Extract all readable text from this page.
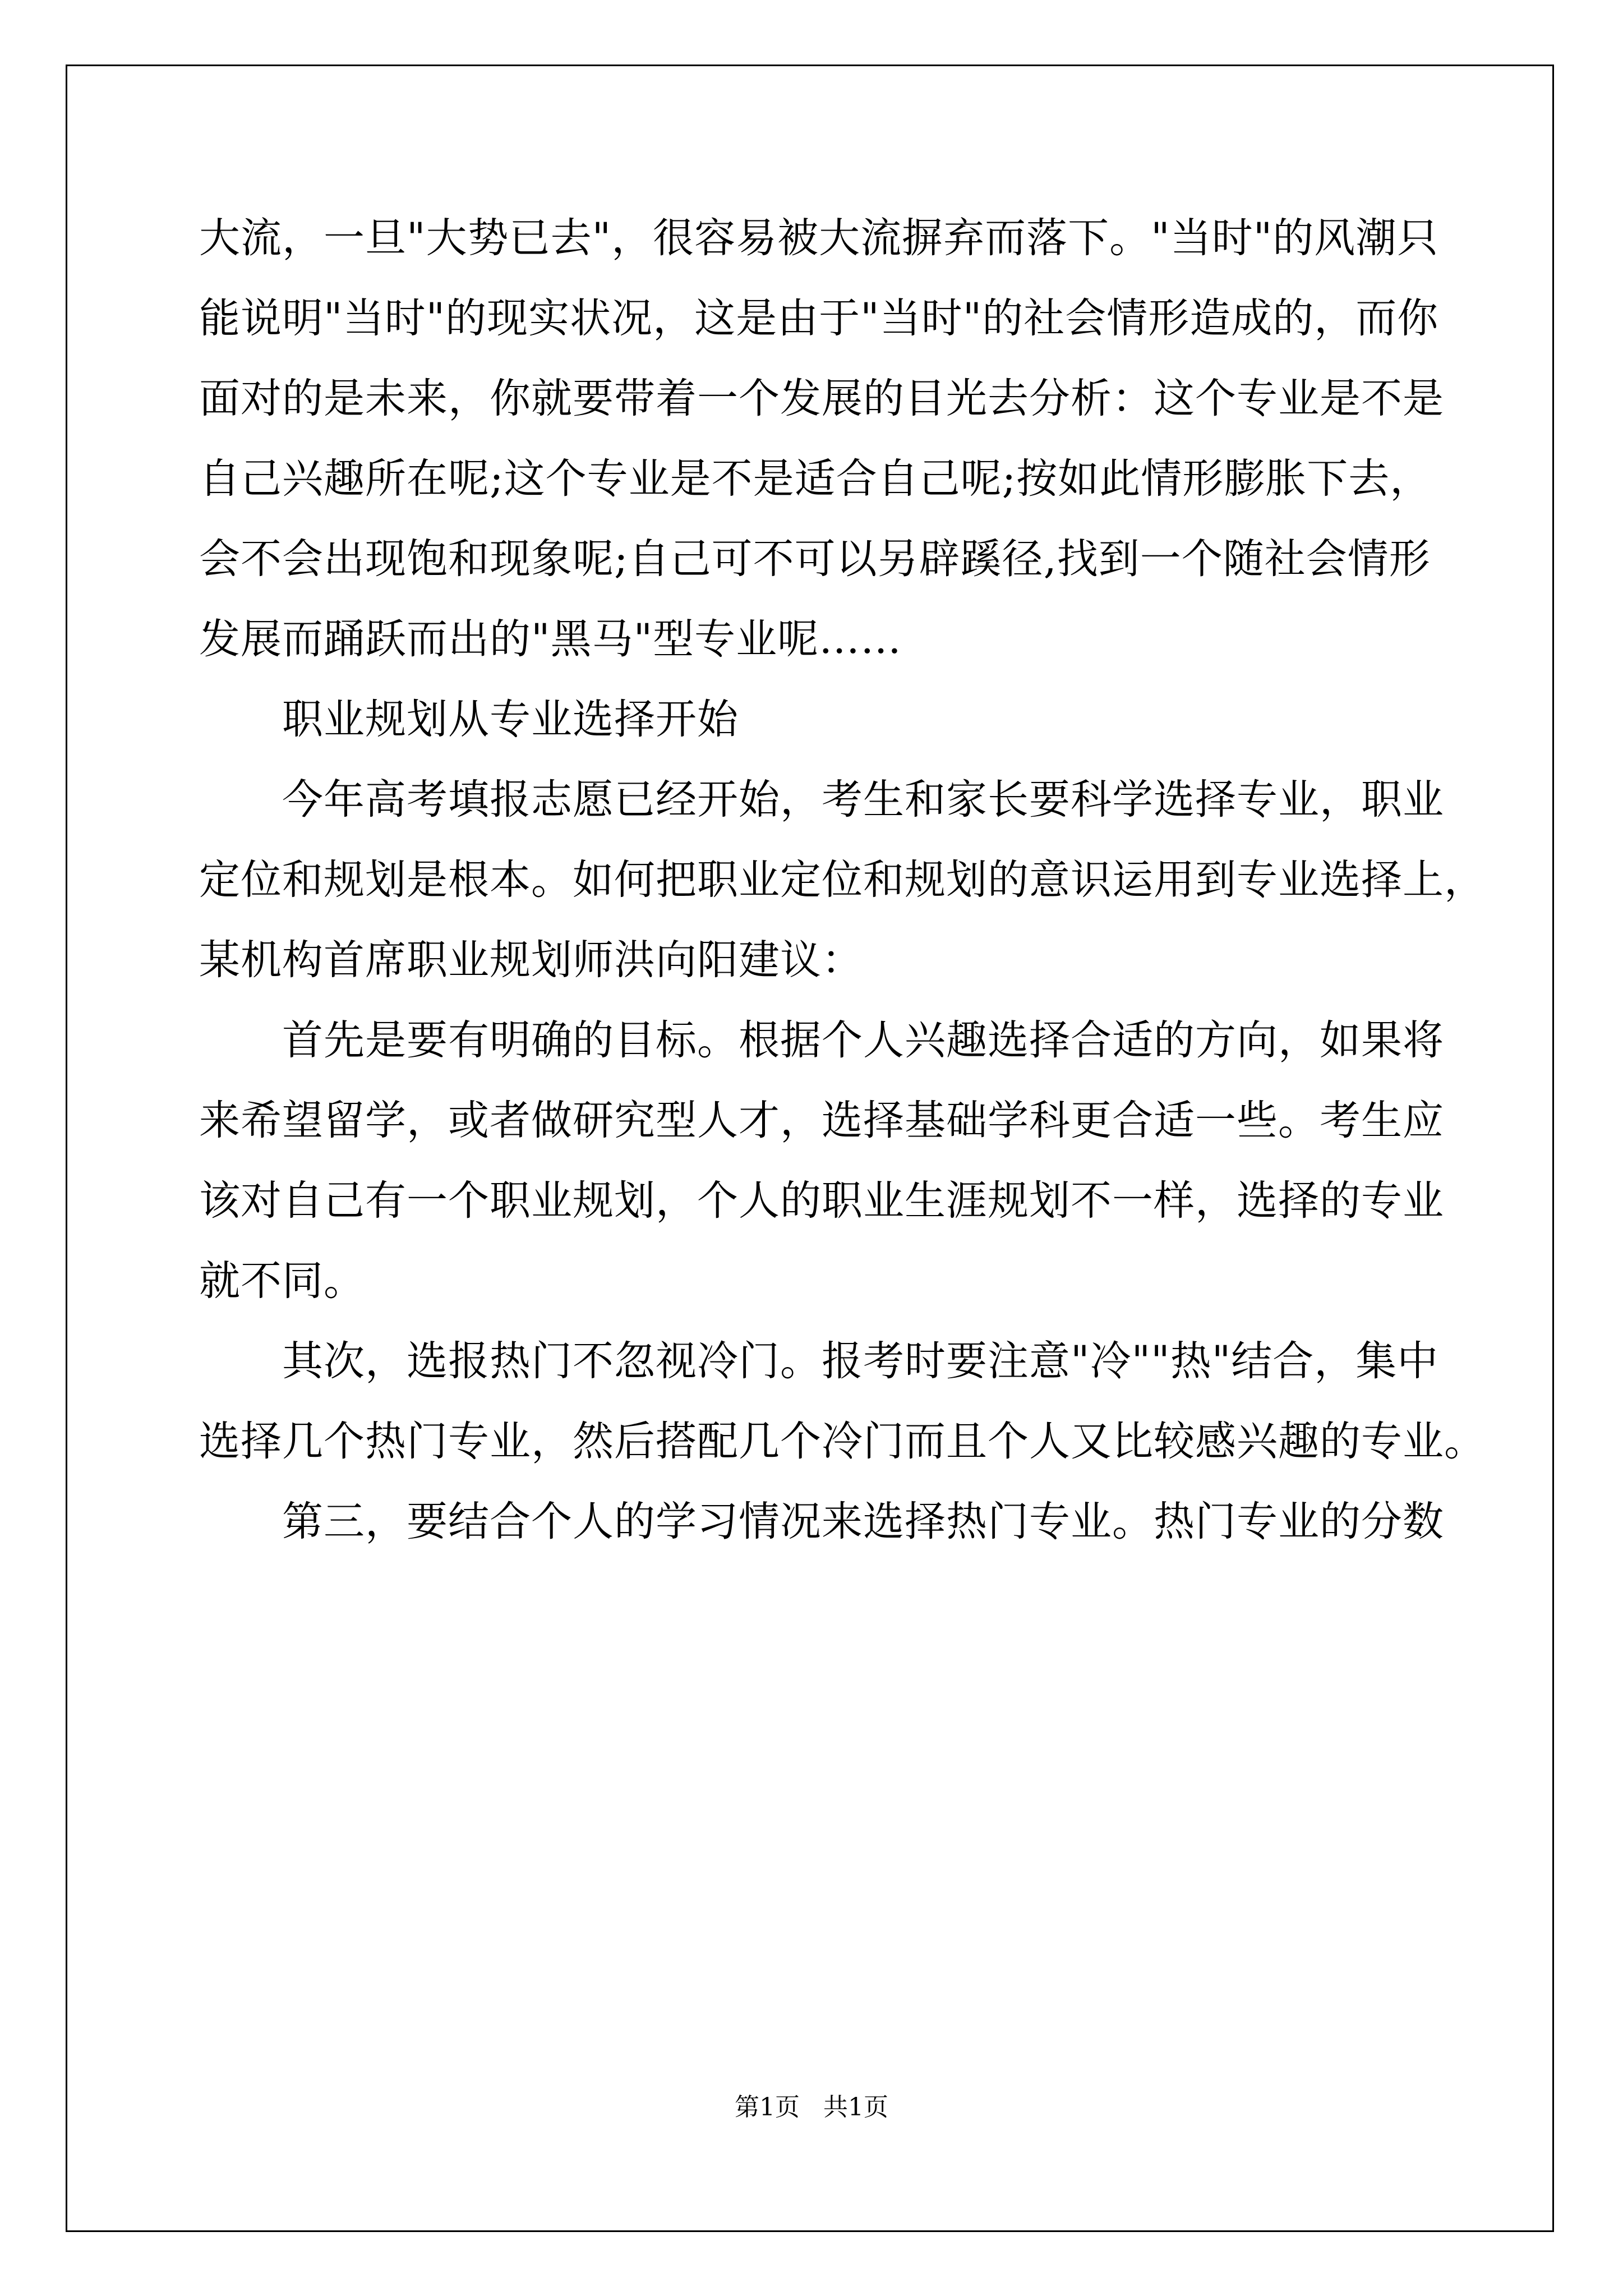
大流，一旦"大势已去"，很容易被大流摒弃而落下。"当时"的风潮只
能说明"当时"的现实状况，这是由于"当时"的社会情形造成的，而你
面对的是未来，你就要带着一个发展的目光去分析：这个专业是不是
自己兴趣所在呢;这个专业是不是适合自己呢;按如此情形膨胀下去，
会不会出现饱和现象呢;自己可不可以另辟蹊径,找到一个随社会情形
发展而踊跃而出的"黑马"型专业呢……
职业规划从专业选择开始
今年高考填报志愿已经开始，考生和家长要科学选择专业，职业
定位和规划是根本。如何把职业定位和规划的意识运用到专业选择上，
某机构首席职业规划师洪向阳建议：
首先是要有明确的目标。根据个人兴趣选择合适的方向，如果将
来希望留学，或者做研究型人才，选择基础学科更合适一些。考生应
该对自己有一个职业规划，个人的职业生涯规划不一样，选择的专业
就不同。
其次，选报热门不忽视冷门。报考时要注意"冷""热"结合，集中
选择几个热门专业，然后搭配几个冷门而且个人又比较感兴趣的专业。
第三，要结合个人的学习情况来选择热门专业。热门专业的分数
第1页   共1页
